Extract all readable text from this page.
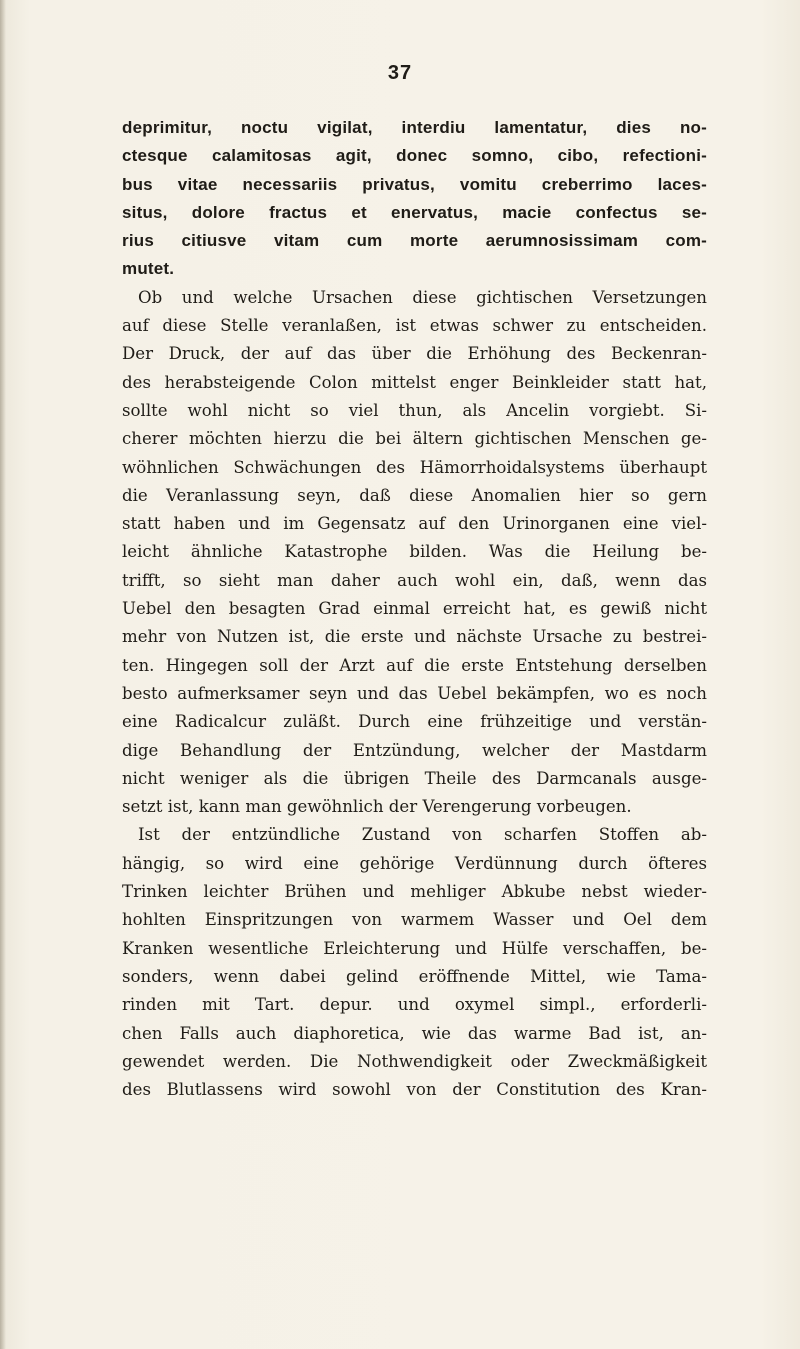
37
deprimitur, noctu vigilat, interdiu lamentatur, dies no-
ctesque calamitosas agit, donec somno, cibo, refectioni-
bus vitae necessariis privatus, vomitu creberrimo laces-
situs, dolore fractus et enervatus, macie confectus se-
rius citiusve vitam cum morte aerumnosissimam com-
mutet.
Ob und welche Ursachen diese gichtischen Versetzungen
auf diese Stelle veranlaßen, ist etwas schwer zu entscheiden.
Der Druck, der auf das über die Erhöhung des Beckenran-
des herabsteigende Colon mittelst enger Beinkleider statt hat,
sollte wohl nicht so viel thun, als Ancelin vorgiebt. Si-
cherer möchten hierzu die bei ältern gichtischen Menschen ge-
wöhnlichen Schwächungen des Hämorrhoidalsystems überhaupt
die Veranlassung seyn, daß diese Anomalien hier so gern
statt haben und im Gegensatz auf den Urinorganen eine viel-
leicht ähnliche Katastrophe bilden. Was die Heilung be-
trifft, so sieht man daher auch wohl ein, daß, wenn das
Uebel den besagten Grad einmal erreicht hat, es gewiß nicht
mehr von Nutzen ist, die erste und nächste Ursache zu bestrei-
ten. Hingegen soll der Arzt auf die erste Entstehung derselben
besto aufmerksamer seyn und das Uebel bekämpfen, wo es noch
eine Radicalcur zuläßt. Durch eine frühzeitige und verstän-
dige Behandlung der Entzündung, welcher der Mastdarm
nicht weniger als die übrigen Theile des Darmcanals ausge-
setzt ist, kann man gewöhnlich der Verengerung vorbeugen.
Ist der entzündliche Zustand von scharfen Stoffen ab-
hängig, so wird eine gehörige Verdünnung durch öfteres
Trinken leichter Brühen und mehliger Abkube nebst wieder-
hohlten Einspritzungen von warmem Wasser und Oel dem
Kranken wesentliche Erleichterung und Hülfe verschaffen, be-
sonders, wenn dabei gelind eröffnende Mittel, wie Tama-
rinden mit Tart. depur. und oxymel simpl., erforderli-
chen Falls auch diaphoretica, wie das warme Bad ist, an-
gewendet werden. Die Nothwendigkeit oder Zweckmäßigkeit
des Blutlassens wird sowohl von der Constitution des Kran-
